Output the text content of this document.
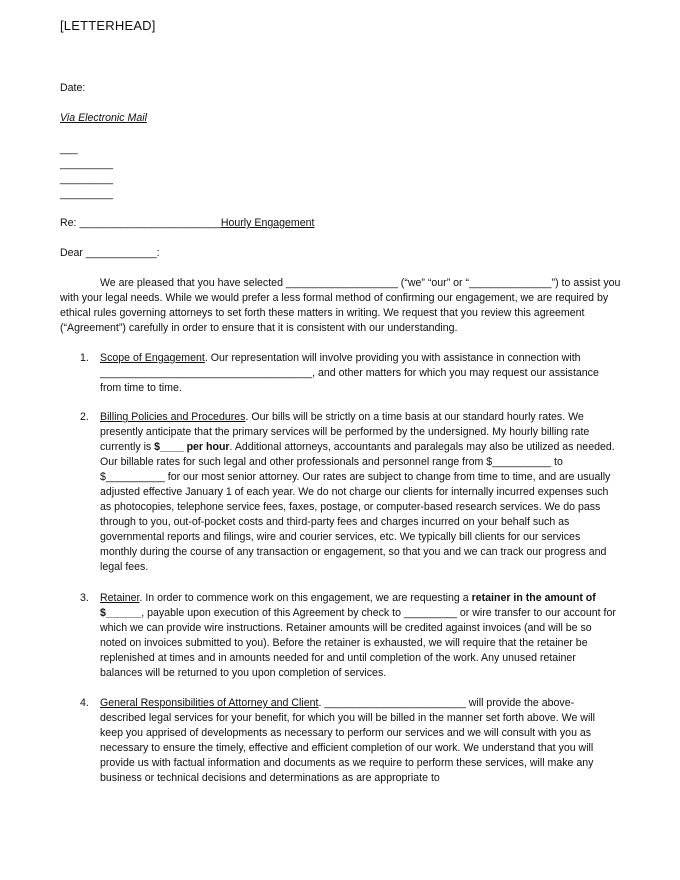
[LETTERHEAD]
Date:
Via Electronic Mail
___
_________
_________
_________
Re: ________________________Hourly Engagement
Dear ____________:
We are pleased that you have selected ___________________ (“we” “our” or “______________”) to assist you with your legal needs. While we would prefer a less formal method of confirming our engagement, we are required by ethical rules governing attorneys to set forth these matters in writing. We request that you review this agreement (“Agreement”) carefully in order to ensure that it is consistent with our understanding.
1. Scope of Engagement. Our representation will involve providing you with assistance in connection with ____________________________________, and other matters for which you may request our assistance from time to time.
2. Billing Policies and Procedures. Our bills will be strictly on a time basis at our standard hourly rates. We presently anticipate that the primary services will be performed by the undersigned. My hourly billing rate currently is $____ per hour. Additional attorneys, accountants and paralegals may also be utilized as needed. Our billable rates for such legal and other professionals and personnel range from $__________ to $__________ for our most senior attorney. Our rates are subject to change from time to time, and are usually adjusted effective January 1 of each year. We do not charge our clients for internally incurred expenses such as photocopies, telephone service fees, faxes, postage, or computer-based research services. We do pass through to you, out-of-pocket costs and third-party fees and charges incurred on your behalf such as governmental reports and filings, wire and courier services, etc. We typically bill clients for our services monthly during the course of any transaction or engagement, so that you and we can track our progress and legal fees.
3. Retainer. In order to commence work on this engagement, we are requesting a retainer in the amount of $______, payable upon execution of this Agreement by check to _________ or wire transfer to our account for which we can provide wire instructions. Retainer amounts will be credited against invoices (and will be so noted on invoices submitted to you). Before the retainer is exhausted, we will require that the retainer be replenished at times and in amounts needed for and until completion of the work. Any unused retainer balances will be returned to you upon completion of services.
4. General Responsibilities of Attorney and Client. ________________________ will provide the above-described legal services for your benefit, for which you will be billed in the manner set forth above. We will keep you apprised of developments as necessary to perform our services and we will consult with you as necessary to ensure the timely, effective and efficient completion of our work. We understand that you will provide us with factual information and documents as we require to perform these services, will make any business or technical decisions and determinations as are appropriate to
